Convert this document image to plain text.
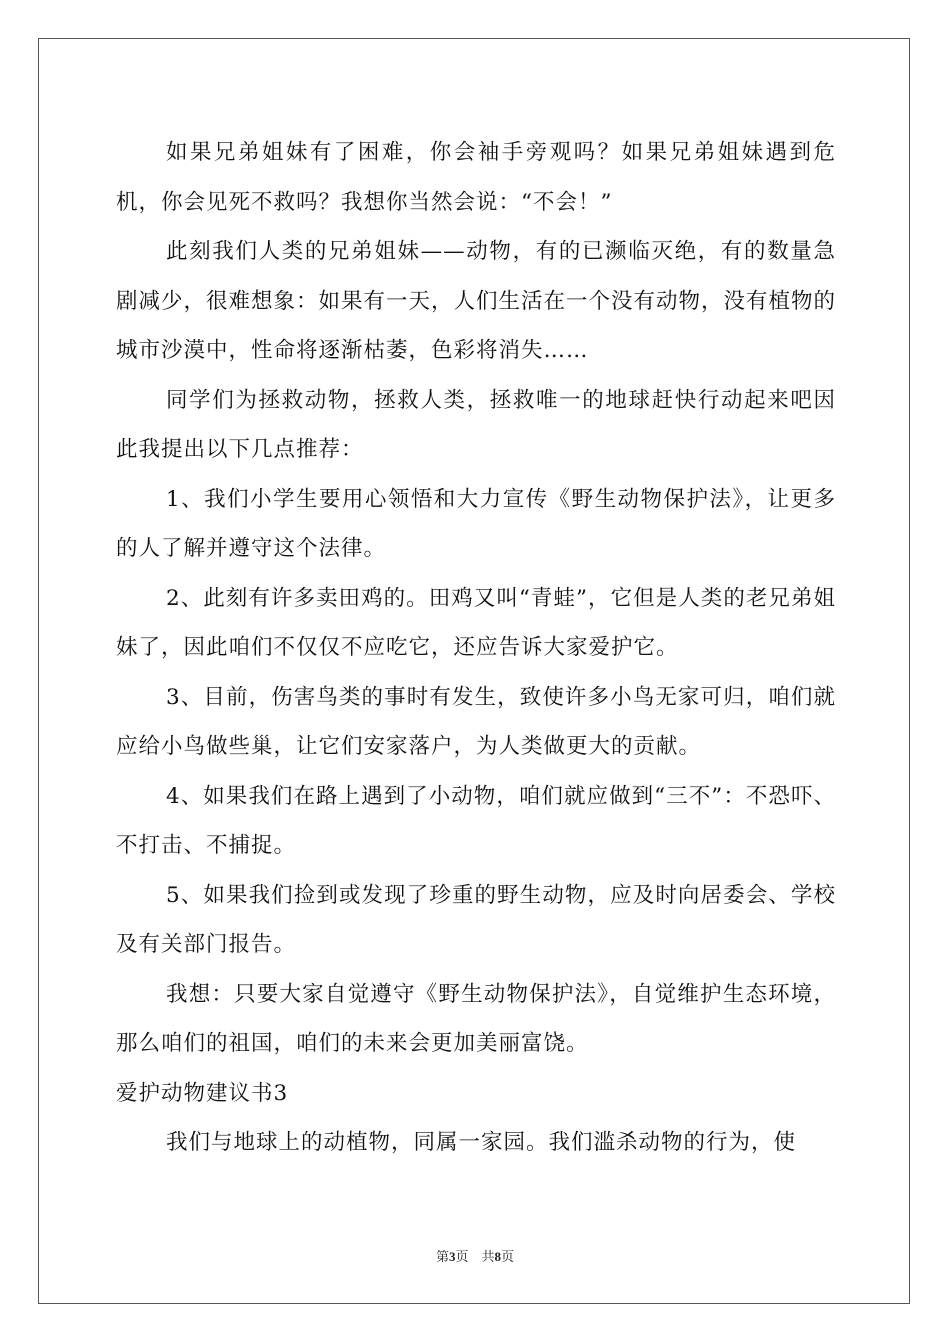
如果兄弟姐妹有了困难，你会袖手旁观吗？如果兄弟姐妹遇到危机，你会见死不救吗？我想你当然会说：“不会！”

此刻我们人类的兄弟姐妹——动物，有的已濒临灭绝，有的数量急剧减少，很难想象：如果有一天，人们生活在一个没有动物，没有植物的城市沙漠中，性命将逐渐枯萎，色彩将消失……

同学们为拯救动物，拯救人类，拯救唯一的地球赶快行动起来吧因此我提出以下几点推荐：

1、我们小学生要用心领悟和大力宣传《野生动物保护法》，让更多的人了解并遵守这个法律。

2、此刻有许多卖田鸡的。田鸡又叫“青蛙”，它但是人类的老兄弟姐妹了，因此咱们不仅仅不应吃它，还应告诉大家爱护它。

3、目前，伤害鸟类的事时有发生，致使许多小鸟无家可归，咱们就应给小鸟做些巢，让它们安家落户，为人类做更大的贡献。

4、如果我们在路上遇到了小动物，咱们就应做到“三不”：不恐吓、不打击、不捕捉。

5、如果我们捡到或发现了珍重的野生动物，应及时向居委会、学校及有关部门报告。

我想：只要大家自觉遵守《野生动物保护法》，自觉维护生态环境，那么咱们的祖国，咱们的未来会更加美丽富饶。

爱护动物建议书3

我们与地球上的动植物，同属一家园。我们滥杀动物的行为，使

第3页　共8页
